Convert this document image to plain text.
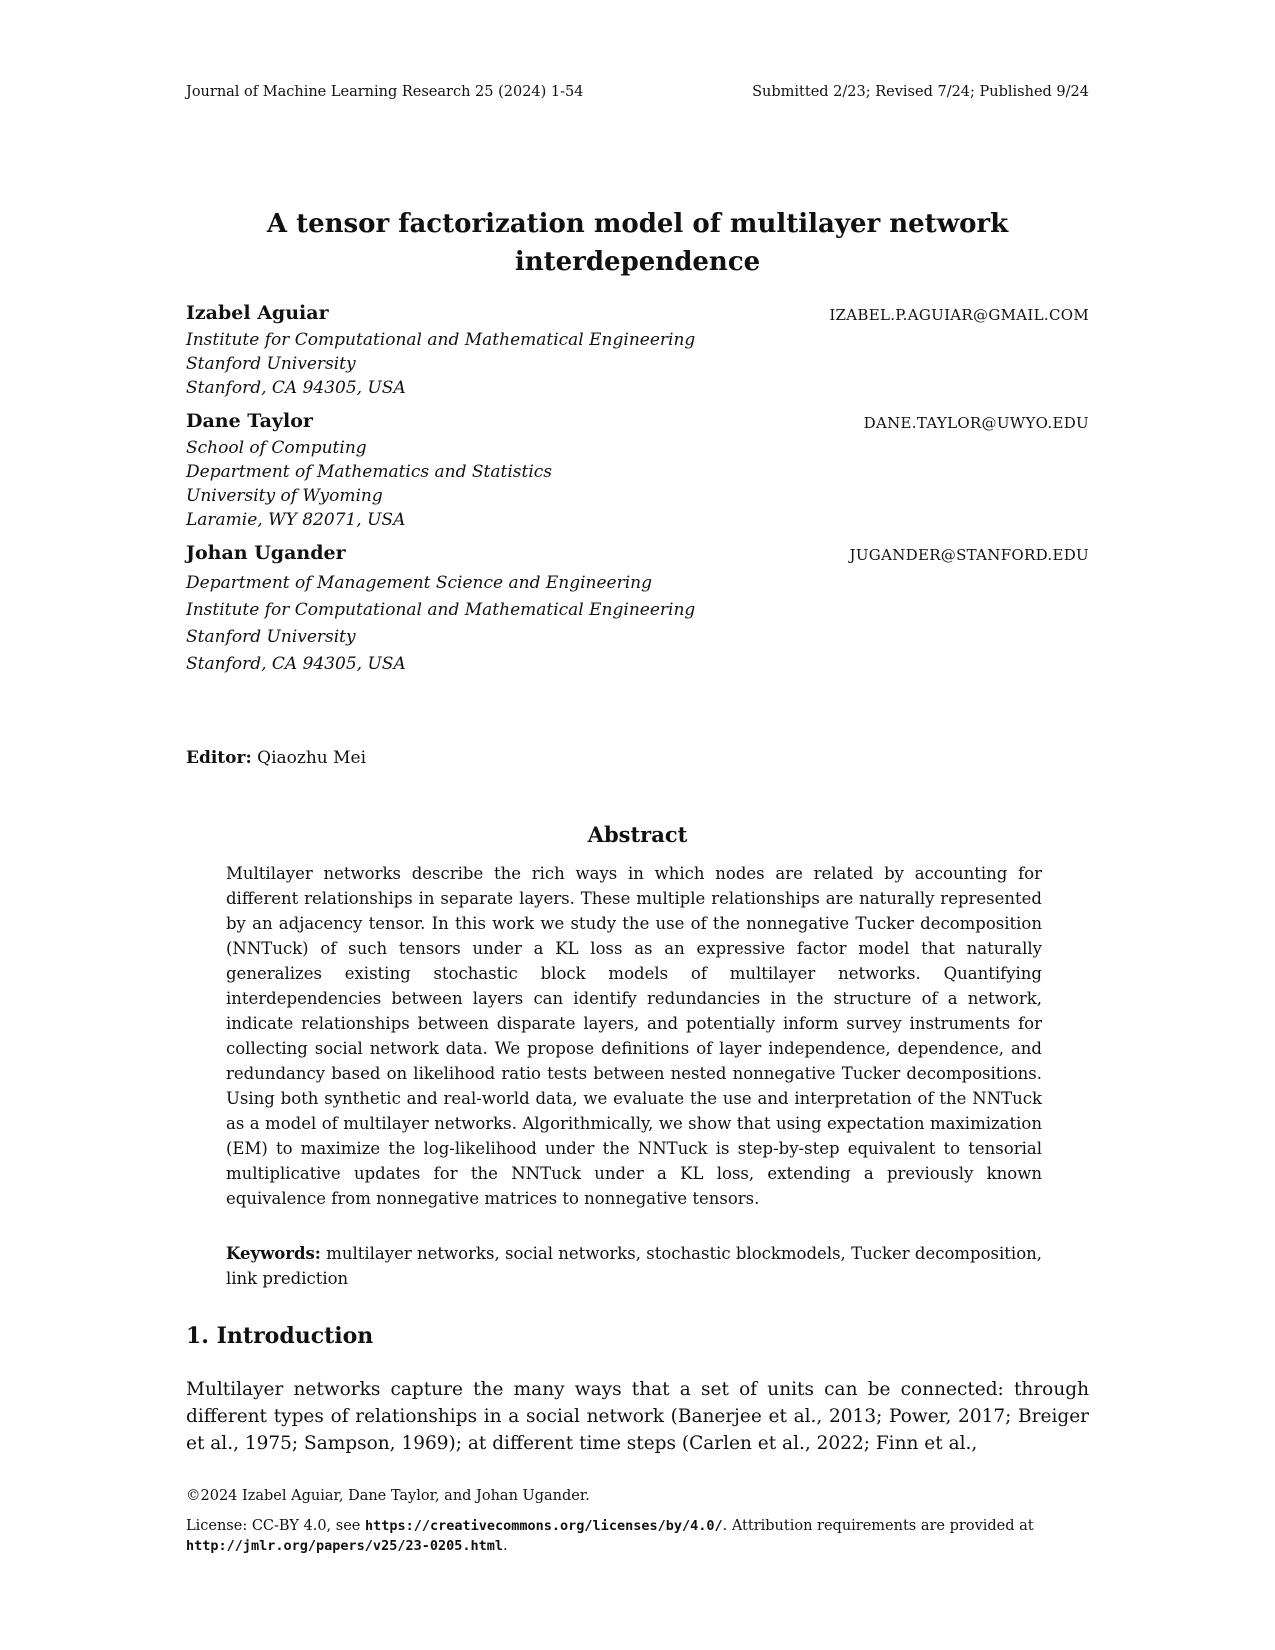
Journal of Machine Learning Research 25 (2024) 1-54	Submitted 2/23; Revised 7/24; Published 9/24
A tensor factorization model of multilayer network interdependence
Izabel Aguiar	IZABEL.P.AGUIAR@GMAIL.COM
Institute for Computational and Mathematical Engineering
Stanford University
Stanford, CA 94305, USA
Dane Taylor	DANE.TAYLOR@UWYO.EDU
School of Computing
Department of Mathematics and Statistics
University of Wyoming
Laramie, WY 82071, USA
Johan Ugander	JUGANDER@STANFORD.EDU
Department of Management Science and Engineering
Institute for Computational and Mathematical Engineering
Stanford University
Stanford, CA 94305, USA
Editor: Qiaozhu Mei
Abstract
Multilayer networks describe the rich ways in which nodes are related by accounting for different relationships in separate layers. These multiple relationships are naturally represented by an adjacency tensor. In this work we study the use of the nonnegative Tucker decomposition (NNTuck) of such tensors under a KL loss as an expressive factor model that naturally generalizes existing stochastic block models of multilayer networks. Quantifying interdependencies between layers can identify redundancies in the structure of a network, indicate relationships between disparate layers, and potentially inform survey instruments for collecting social network data. We propose definitions of layer independence, dependence, and redundancy based on likelihood ratio tests between nested nonnegative Tucker decompositions. Using both synthetic and real-world data, we evaluate the use and interpretation of the NNTuck as a model of multilayer networks. Algorithmically, we show that using expectation maximization (EM) to maximize the log-likelihood under the NNTuck is step-by-step equivalent to tensorial multiplicative updates for the NNTuck under a KL loss, extending a previously known equivalence from nonnegative matrices to nonnegative tensors.
Keywords: multilayer networks, social networks, stochastic blockmodels, Tucker decomposition, link prediction
1. Introduction
Multilayer networks capture the many ways that a set of units can be connected: through different types of relationships in a social network (Banerjee et al., 2013; Power, 2017; Breiger et al., 1975; Sampson, 1969); at different time steps (Carlen et al., 2022; Finn et al.,
©2024 Izabel Aguiar, Dane Taylor, and Johan Ugander.
License: CC-BY 4.0, see https://creativecommons.org/licenses/by/4.0/. Attribution requirements are provided at http://jmlr.org/papers/v25/23-0205.html.
